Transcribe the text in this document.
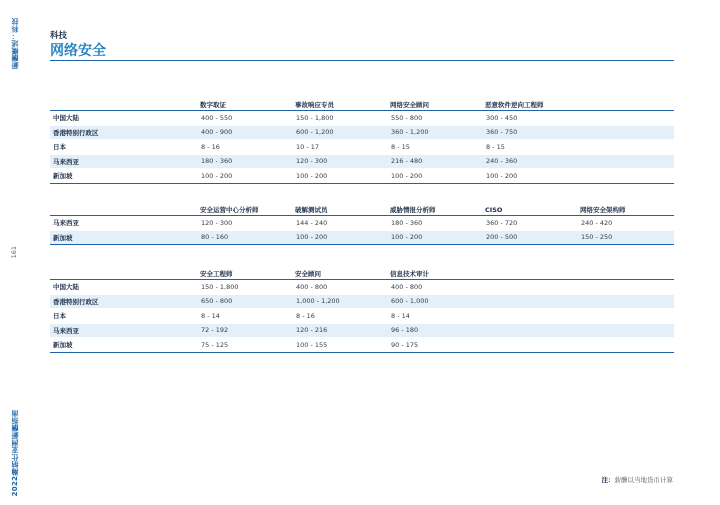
薪酬概述：科技
161
2022瀚纳仕亚洲薪酬指南
科技
网络安全
	数字取证	事故响应专员	网络安全顾问	恶意软件逆向工程师	
中国大陆	400 - 550	150 - 1,800	550 - 800	300 - 450	
香港特别行政区	400 - 900	600 - 1,200	360 - 1,200	360 - 750	
日本	8 - 16	10 - 17	8 - 15	8 - 15	
马来西亚	180 - 360	120 - 300	216 - 480	240 - 360	
新加坡	100 - 200	100 - 200	100 - 200	100 - 200	
	安全运营中心分析师	破解测试员	威胁情报分析师	CISO	网络安全架构师
马来西亚	120 - 300	144 - 240	180 - 360	360 - 720	240 - 420
新加坡	80 - 160	100 - 200	100 - 200	200 - 500	150 - 250
	安全工程师	安全顾问	信息技术审计		
中国大陆	150 - 1,800	400 - 800	400 - 800		
香港特别行政区	650 - 800	1,000 - 1,200	600 - 1,000		
日本	8 - 14	8 - 16	8 - 14		
马来西亚	72 - 192	120 - 216	96 - 180		
新加坡	75 - 125	100 - 155	90 - 175		
注：薪酬以当地货币计算
